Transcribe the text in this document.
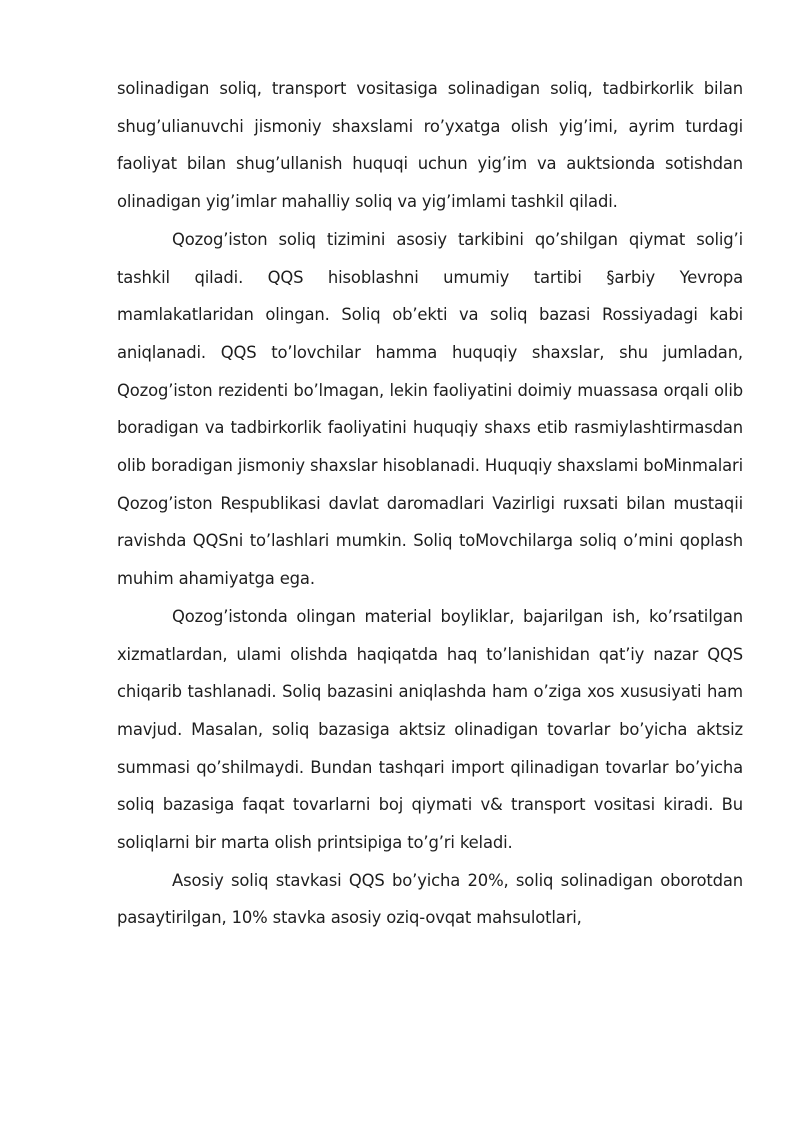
solinadigan soliq, transport vositasiga solinadigan soliq, tadbirkorlik bilan shug’ulianuvchi jismoniy shaxslami ro’yxatga olish yig’imi, ayrim turdagi faoliyat bilan shug’ullanish huquqi uchun yig’im va auktsionda sotishdan olinadigan yig’imlar mahalliy soliq va yig’imlami tashkil qiladi.

Qozog’iston soliq tizimini asosiy tarkibini qo’shilgan qiymat solig’i tashkil qiladi. QQS hisoblashni umumiy tartibi §arbiy Yevropa mamlakatlaridan olingan. Soliq ob’ekti va soliq bazasi Rossiyadagi kabi aniqlanadi. QQS to’lovchilar hamma huquqiy shaxslar, shu jumladan, Qozog’iston rezidenti bo’lmagan, lekin faoliyatini doimiy muassasa orqali olib boradigan va tadbirkorlik faoliyatini huquqiy shaxs etib rasmiylashtirmasdan olib boradigan jismoniy shaxslar hisoblanadi. Huquqiy shaxslami boMinmalari Qozog’iston Respublikasi davlat daromadlari Vazirligi ruxsati bilan mustaqii ravishda QQSni to’lashlari mumkin. Soliq toMovchilarga soliq o’mini qoplash muhim ahamiyatga ega.

Qozog’istonda olingan material boyliklar, bajarilgan ish, ko’rsatilgan xizmatlardan, ulami olishda haqiqatda haq to’lanishidan qat’iy nazar QQS chiqarib tashlanadi. Soliq bazasini aniqlashda ham o’ziga xos xususiyati ham mavjud. Masalan, soliq bazasiga aktsiz olinadigan tovarlar bo’yicha aktsiz summasi qo’shilmaydi. Bundan tashqari import qilinadigan tovarlar bo’yicha soliq bazasiga faqat tovarlarni boj qiymati v& transport vositasi kiradi. Bu soliqlarni bir marta olish printsipiga to’g’ri keladi.

Asosiy soliq stavkasi QQS bo’yicha 20%, soliq solinadigan oborotdan pasaytirilgan, 10% stavka asosiy oziq-ovqat mahsulotlari,
